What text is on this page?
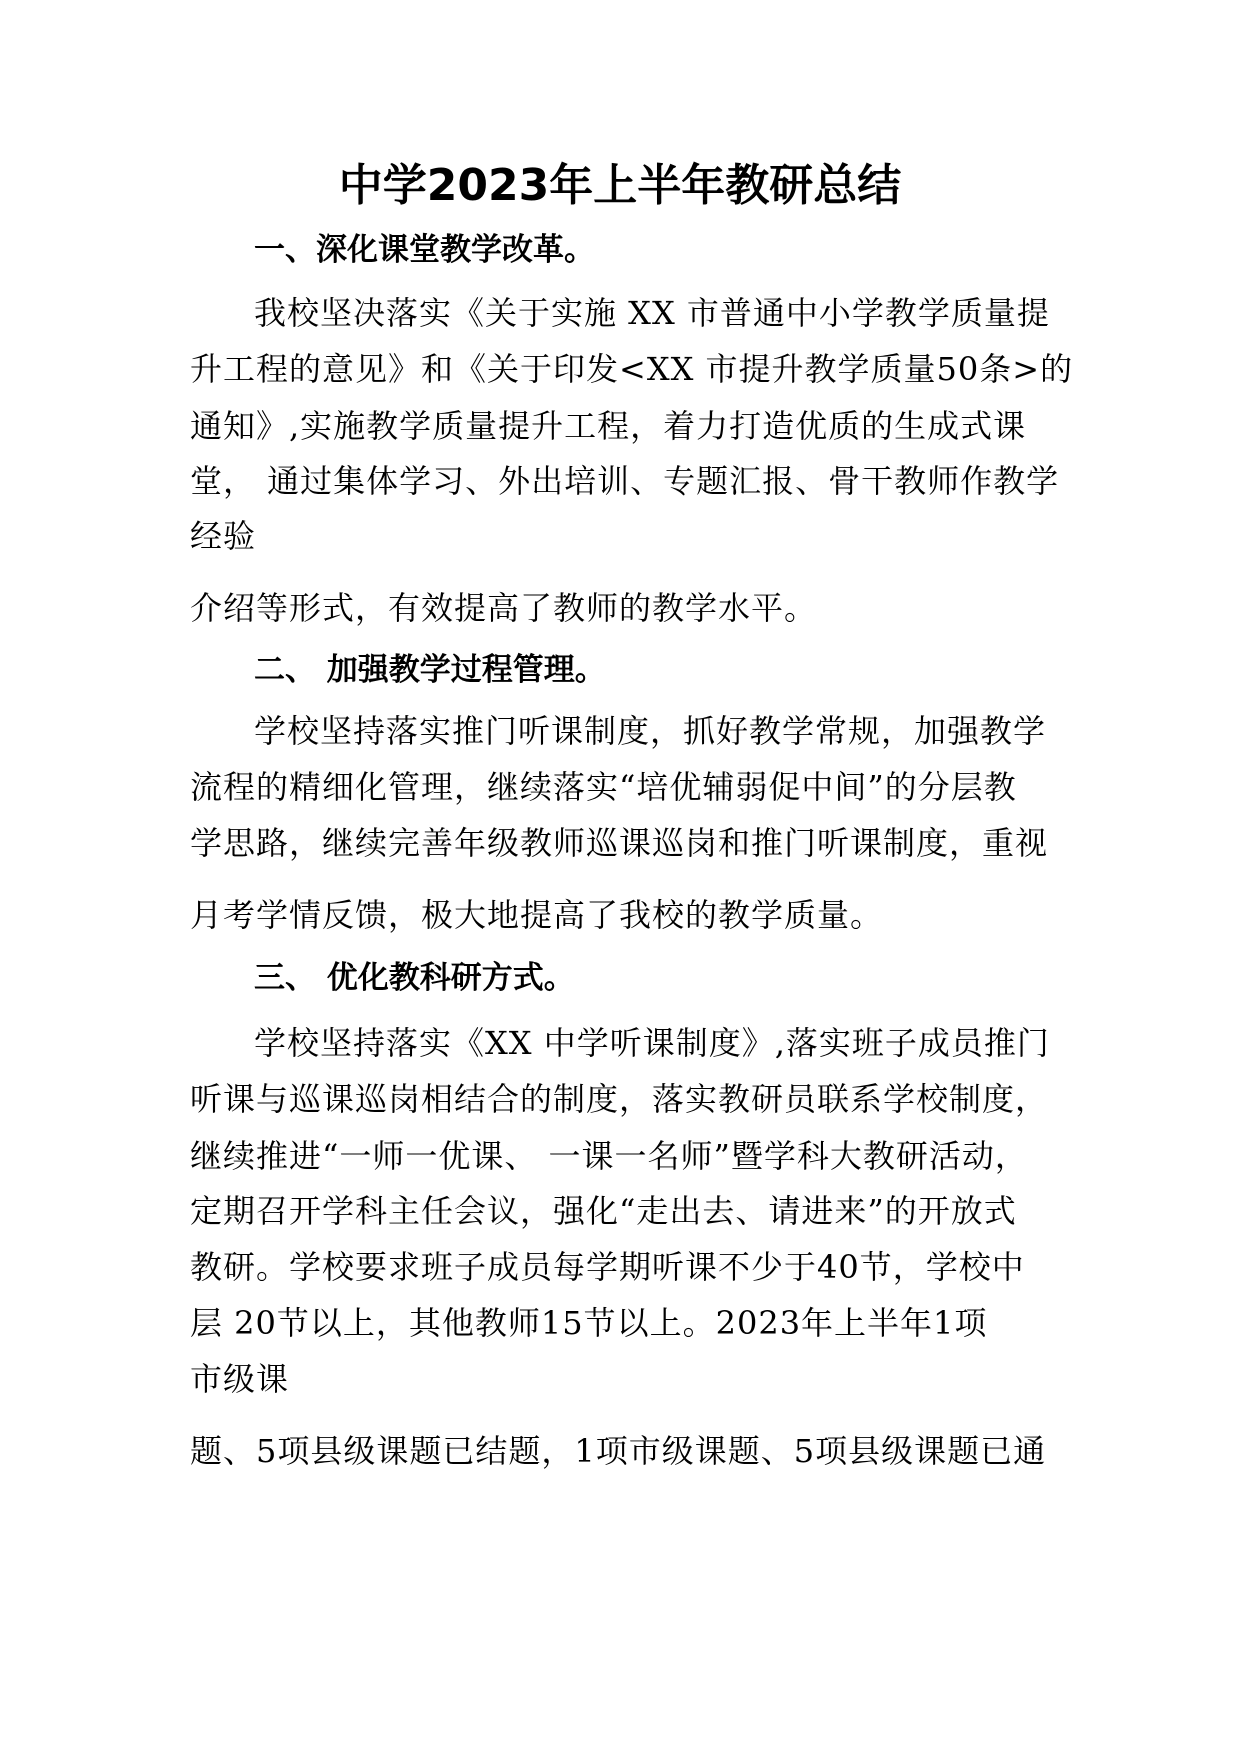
中学2023年上半年教研总结
一、深化课堂教学改革。
我校坚决落实《关于实施 XX 市普通中小学教学质量提
升工程的意见》和《关于印发<XX 市提升教学质量50条>的
通知》,实施教学质量提升工程，着力打造优质的生成式课
堂， 通过集体学习、外出培训、专题汇报、骨干教师作教学
经验
介绍等形式，有效提高了教师的教学水平。
二、 加强教学过程管理。
学校坚持落实推门听课制度，抓好教学常规，加强教学
流程的精细化管理，继续落实“培优辅弱促中间”的分层教
学思路，继续完善年级教师巡课巡岗和推门听课制度，重视
月考学情反馈，极大地提高了我校的教学质量。
三、 优化教科研方式。
学校坚持落实《XX 中学听课制度》,落实班子成员推门
听课与巡课巡岗相结合的制度，落实教研员联系学校制度，
继续推进“一师一优课、 一课一名师”暨学科大教研活动，
定期召开学科主任会议，强化“走出去、请进来”的开放式
教研。学校要求班子成员每学期听课不少于40节，学校中
层 20节以上，其他教师15节以上。2023年上半年1项
市级课
题、5项县级课题已结题，1项市级课题、5项县级课题已通
